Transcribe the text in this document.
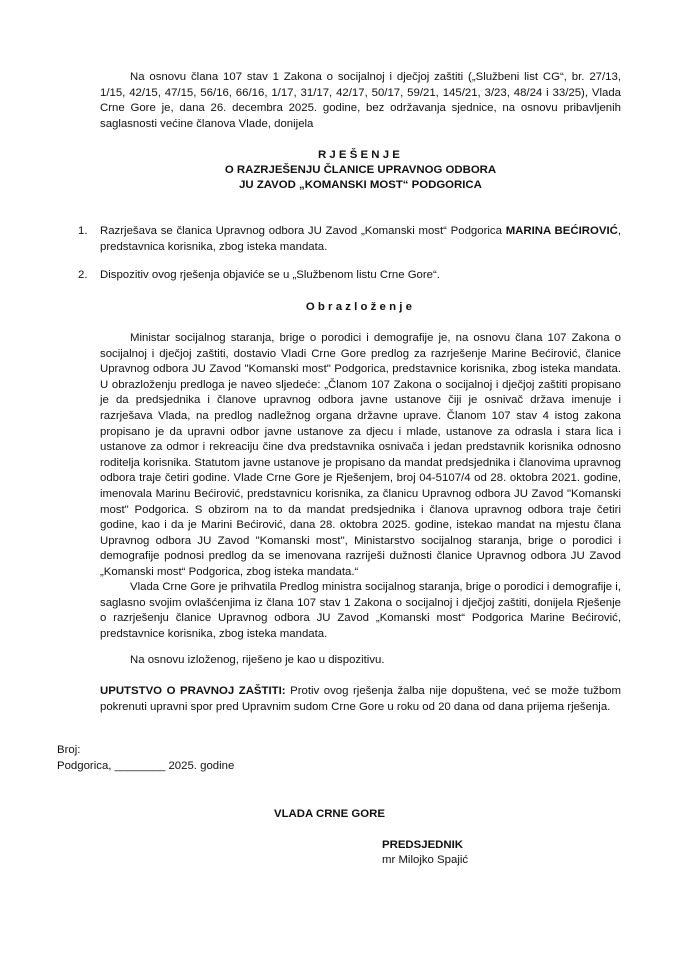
Na osnovu člana 107 stav 1 Zakona o socijalnoj i dječjoj zaštiti („Službeni list CG“, br. 27/13, 1/15, 42/15, 47/15, 56/16, 66/16, 1/17, 31/17, 42/17, 50/17, 59/21, 145/21, 3/23, 48/24 i 33/25), Vlada Crne Gore je, dana 26. decembra 2025. godine, bez održavanja sjednice, na osnovu pribavljenih saglasnosti većine članova Vlade, donijela

RJEŠENJE

O RAZRJEŠENJU ČLANICE UPRAVNOG ODBORA

JU ZAVOD „KOMANSKI MOST“ PODGORICA

1.	Razrješava se članica Upravnog odbora JU Zavod „Komanski most“ Podgorica MARINA BEĆIROVIĆ, predstavnica korisnika, zbog isteka mandata.
2.	Dispozitiv ovog rješenja objaviće se u „Službenom listu Crne Gore“.

Obrazloženje

Ministar socijalnog staranja, brige o porodici i demografije je, na osnovu člana 107 Zakona o socijalnoj i dječjoj zaštiti, dostavio Vladi Crne Gore predlog za razrješenje Marine Bećirović, članice Upravnog odbora JU Zavod "Komanski most" Podgorica, predstavnice korisnika, zbog isteka mandata. U obrazloženju predloga je naveo sljedeće: „Članom 107 Zakona o socijalnoj i dječjoj zaštiti propisano je da predsjednika i članove upravnog odbora javne ustanove čiji je osnivač država imenuje i razrješava Vlada, na predlog nadležnog organa državne uprave. Članom 107 stav 4 istog zakona propisano je da upravni odbor javne ustanove za djecu i mlade, ustanove za odrasla i stara lica i ustanove za odmor i rekreaciju čine dva predstavnika osnivača i jedan predstavnik korisnika odnosno roditelja korisnika. Statutom javne ustanove je propisano da mandat predsjednika i članovima upravnog odbora traje četiri godine. Vlade Crne Gore je Rješenjem, broj 04-5107/4 od 28. oktobra 2021. godine, imenovala Marinu Bećirović, predstavnicu korisnika, za članicu Upravnog odbora JU Zavod "Komanski most" Podgorica. S obzirom na to da mandat predsjednika i članova upravnog odbora traje četiri godine, kao i da je Marini Bećirović, dana 28. oktobra 2025. godine, istekao mandat na mjestu člana Upravnog odbora JU Zavod "Komanski most", Ministarstvo socijalnog staranja, brige o porodici i demografije podnosi predlog da se imenovana razriješi dužnosti članice Upravnog odbora JU Zavod „Komanski most“ Podgorica, zbog isteka mandata.“

Vlada Crne Gore je prihvatila Predlog ministra socijalnog staranja, brige o porodici i demografije i, saglasno svojim ovlašćenjima iz člana 107 stav 1 Zakona o socijalnoj i dječjoj zaštiti, donijela Rješenje o razrješenju članice Upravnog odbora JU Zavod „Komanski most“ Podgorica Marine Bećirović, predstavnice korisnika, zbog isteka mandata.

Na osnovu izloženog, riješeno je kao u dispozitivu.

UPUTSTVO O PRAVNOJ ZAŠTITI: Protiv ovog rješenja žalba nije dopuštena, već se može tužbom pokrenuti upravni spor pred Upravnim sudom Crne Gore u roku od 20 dana od dana prijema rješenja.

Broj:

Podgorica, ________ 2025. godine

VLADA CRNE GORE

PREDSJEDNIK

mr Milojko Spajić
